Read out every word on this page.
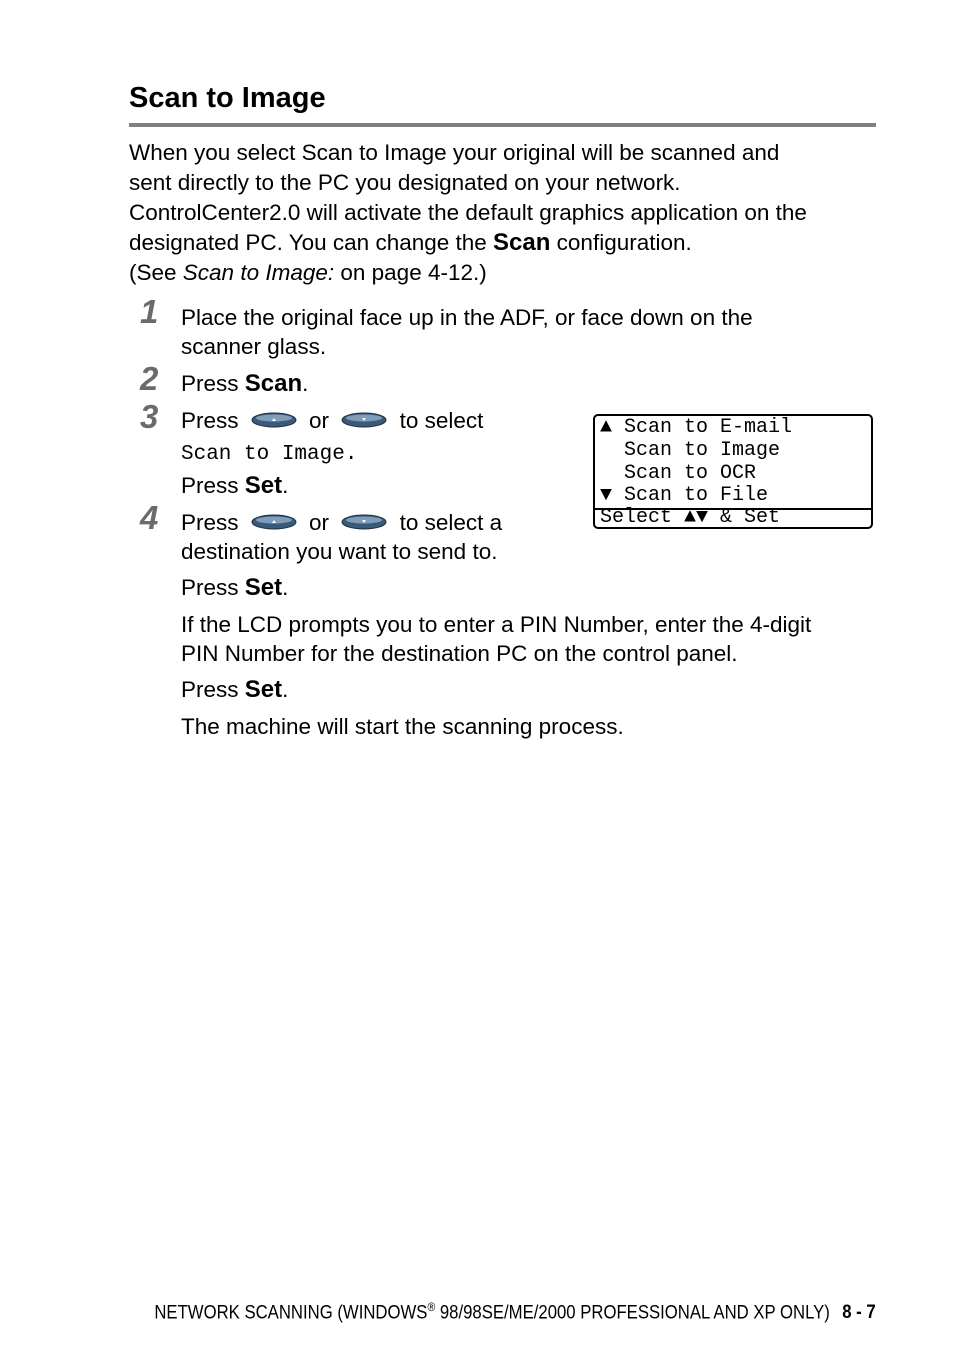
Scan to Image

When you select Scan to Image your original will be scanned and
sent directly to the PC you designated on your network.
ControlCenter2.0 will activate the default graphics application on the
designated PC. You can change the Scan configuration.
(See Scan to Image: on page 4-12.)

1 Place the original face up in the ADF, or face down on the
scanner glass.
2 Press Scan.
3 Press	or	to select
Scan to Image.
Press Set.
▲ Scan to E-mail
Scan to Image
Scan to OCR
▼ Scan to File
Select ▲▼ & Set
4 Press	or	to select a
destination you want to send to.
Press Set.
If the LCD prompts you to enter a PIN Number, enter the 4-digit
PIN Number for the destination PC on the control panel.
Press Set.
The machine will start the scanning process.
NETWORK SCANNING (WINDOWS® 98/98SE/ME/2000 PROFESSIONAL AND XP ONLY) 8 - 7
